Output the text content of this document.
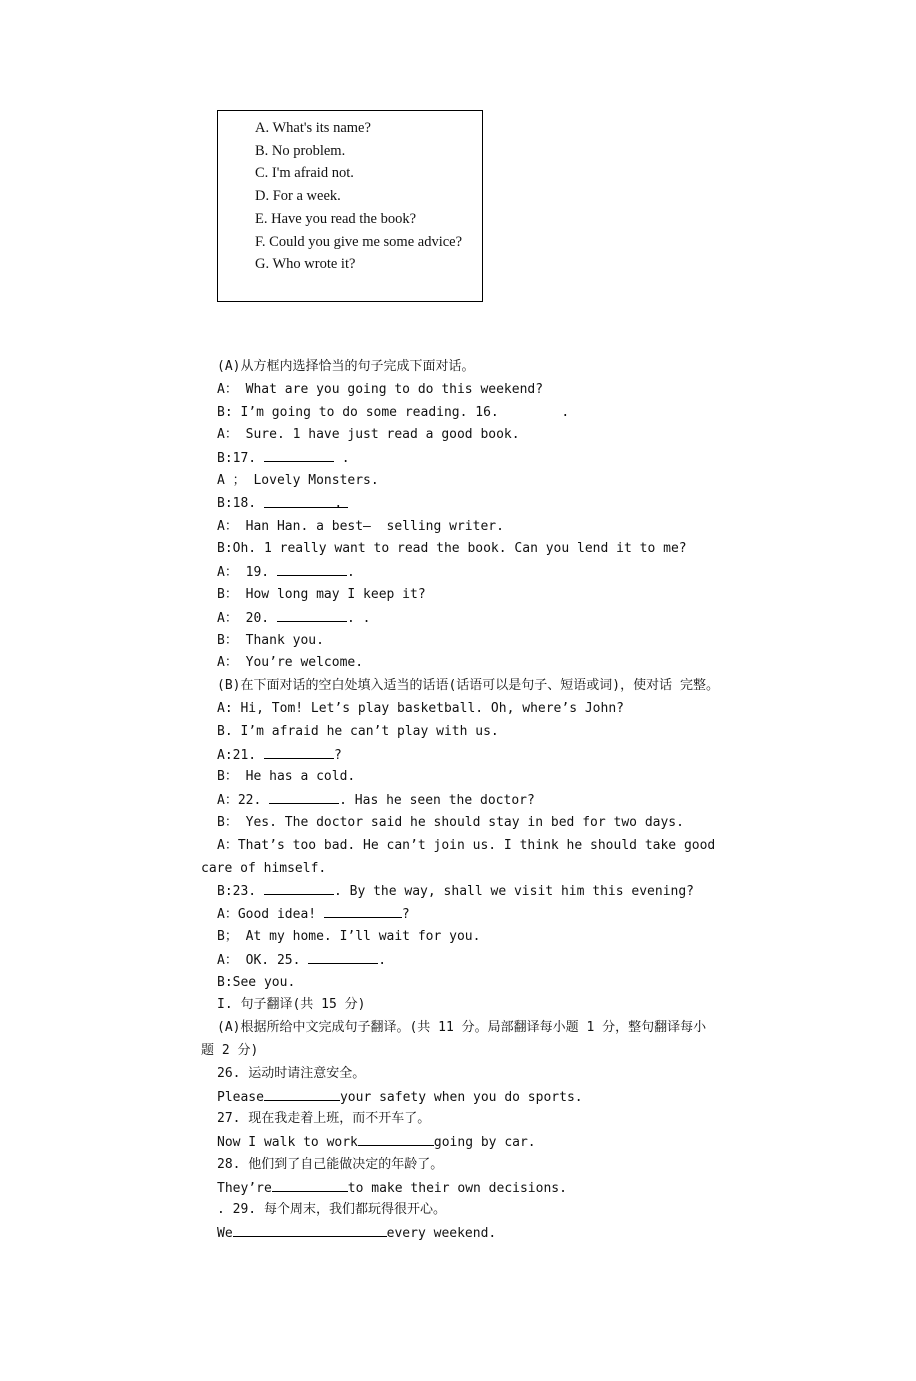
A. What's its name?
B. No problem.
C. I'm afraid not.
D. For a week.
E. Have you read the book?
F. Could you give me some advice?
G. Who wrote it?
(A)从方框内选择恰当的句子完成下面对话。
A： What are you going to do this weekend?
B: I’m going to do some reading. 16.        .
A： Sure. 1 have just read a good book.
B:17.	.
A ； Lovely Monsters.
B:18.          .
A： Han Han. a best—  selling writer.
B:Oh. 1 really want to read the book. Can you lend it to me?
A： 19.	.
B： How long may I keep it?
A： 20.	. .
B： Thank you.
A： You’re welcome.
(B)在下面对话的空白处填入适当的话语(话语可以是句子、短语或词)，使对话 完整。
A: Hi, Tom! Let’s play basketball. Oh, where’s John?
B. I’m afraid he can’t play with us.
A:21.	?
B： He has a cold.
A：22.	. Has he seen the doctor?
B： Yes. The doctor said he should stay in bed for two days.
A：That’s too bad. He can’t join us. I think he should take good care of himself.
B:23.	. By the way, shall we visit him this evening?
A：Good idea!	?
B； At my home. I’ll wait for you.
A： OK. 25.	.
B:See you.
I. 句子翻译(共 15 分)
(A)根据所给中文完成句子翻译。(共 11 分。局部翻译每小题 1 分，整句翻译每小 题 2 分)
26. 运动时请注意安全。
Please	your safety when you do sports.
27. 现在我走着上班，而不开车了。
Now I walk to work	going by car.
28. 他们到了自己能做决定的年龄了。
They’re	to make their own decisions.
. 29. 每个周末，我们都玩得很开心。
We	every weekend.
